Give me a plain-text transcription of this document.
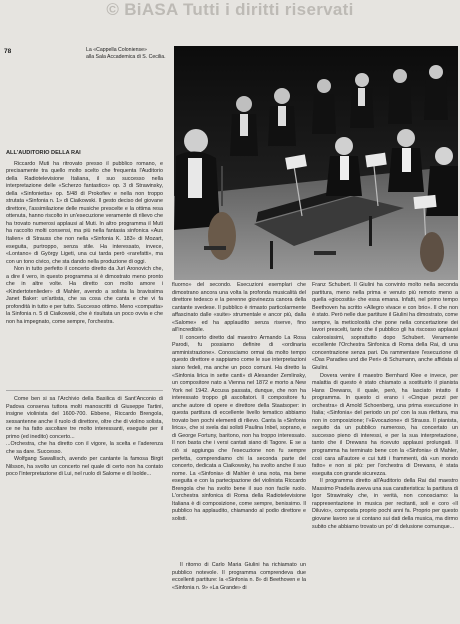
© BiASA Tutti i diritti riservati
78	La «Cappella Coloniense»
alla Sala Accademica di S. Cecilia.

ALL'AUDITORIO DELLA RAI

Riccardo Muti ha ritrovato presso il pubblico romano, e precisamente tra quello molto scelto che frequenta l'Auditorio della Radiotelevisione Italiana, il suo successo nella interpretazione delle «Scherzo fantastico» op. 3 di Strawinsky, della «Sinfonietta» op. 5/48 di Prokofiev e nella non troppo strutata «Sinfonia n. 1» di Ciaikowski. Il gesto deciso del giovane direttore, l'assimilazione delle musiche prescelte e la ottima resa ottenuta, hanno riscolto in un'esecuzione veramente di rilievo che ha trovato numerosi applausi al Muti. In altro programma il Muti ha raccolto molti consensi, ma più nella fantasia sinfonica «Aus Italien» di Strauss che non nella «Sinfonia K. 183» di Mozart, eseguita, purtroppo, senza stile. Ha interessato, invece, «Lontano» di György Ligeti, una cui tarda però «rarefatti», ma con un tono civico, che sta dando nella produzione di oggi.

Non in tutto perfetto il concerto diretto da Jurì Aronovich che, a dire il vero, in questo programma si è dimostrato meno pronto che in altre volte. Ha diretto con molto amore i «Kindertotenlieder» di Mahler, avendo a solista la bravissima Janet Baker: un'artista, che sa cosa che canta e che vi fa profondità in tutto e per tutto. Successo ottimo. Meno «compatta» la Sinfonia n. 5 di Ciaikowski, che è risultata un poco ovvia e che non ha impegnato, come sempre, l'orchestra.

Come ben si sa l'Archivio della Basilica di Sant'Anconio di Padova conserva tuttora molti manoscritti di Giuseppe Tartini, insigne violinista del 1600-700. Ebbene, Riccardo Brengola, sessantenne anche il ruolo di direttore, oltre che di violino solista, ce ne ha fatto ascoltare tre molto interessanti, eseguite per il primo (ed inedito) concerto...

...Orchestra, che ha diretto con il vigore, la scelta e l'aderenza che sa dare. Successo.

Wolfgang Sawallisch, avendo per cantante la famosa Birgit Nilsson, ha svolto un concerto nel quale di certo non ha contato poco l'interpretazione di Lui, nel ruolo di Salome e di Isolde...

fluorno» del secondo. Esecuzioni esemplari che dimostrano ancora una volta la profonda musicalità del direttore tedesco e la perenne giovinezza canora della cantante svedese. Il pubblico è rimasto particolarmente affascinato dalle «suite» strumentale e ancor più, dalla «Salome» ed ha applaudito senza riserve, fino all'incredibile.

Il concerto diretto dal maestro Armando La Rosa Parodi, fu possiamo definire di «ordinaria amministrazione». Conosciamo ormai da molto tempo questo direttore e sappiamo come le sue interpretazioni siano fedeli, ma anche un poco comuni. Ha diretto la «Sinfonia lirica in sette canti» di Alexander Zemlinsky, un compositore nato a Vienna nel 1872 e morto a New York nel 1942. Accusa passata, dunque, che non ha interessato troppo gli ascoltatori. Il compositore fu anche autore di opere e direttore della Staatsoper: in questa partitura di eccellente livello tematico abbiamo trovato ben pochi elementi di rilievo. Canta la «Sinfonia lirica», che si svela dai solisti Paulina Inbel, soprano, e di George Fortuny, baritono, non ha troppo interessato. Il non basta che i versi cantati siano di Tagore. E se a ciò si aggiunga che l'esecuzione non fu sempre perfetta, comprendiamo chi la seconda parte del concerto, dedicata a Ciaikowsky, ha svolto anche il suo nome. La «Sinfonia» di Mahler è una nota, ma bene eseguita e con la partecipazione del violinista Riccardo Brengola che ha svolto bene il suo non facile ruolo. L'orchestra sinfonica di Roma della Radiotelevisione Italiana è di composizione, come sempre, benissimo. Il pubblico ha applaudito, chiamando al podio direttore e solisti.

Il ritorno di Carlo Maria Giulini ha richiamato un pubblico notevole. Il programma comprendeva due eccellenti partiture: la «Sinfonia n. 8» di Beethoven e la «Sinfonia n. 9» «La Grande» di

Franz Schubert. Il Giulini ha convinto molto nella seconda partitura, meno nella prima e venuto più remoto meno a quella «giocosità» che essa emana. Infatti, nel primo tempo Beethoven ha scritto «Allegro vivace e con brio». Il che non è stato. Però nelle due partiture il Giulini ha dimostrato, come sempre, la meticolosità che pone nella concertazione dei lavori prescelti, tanto che il pubblico gli ha riscosso applausi calorosissimi, soprattutto dopo Schubert. Veramente eccellente l'Orchestra Sinfonica di Roma della Rai, di una concentrazione senza pari. Da rammentare l'esecuzione di «Das Paradies und die Peri» di Schumann, anche affidata al Giulini.

Dovera venire il maestro Bernhard Klee e invece, per malattia di questo è stato chiamato a sostituirlo il pianista Hans Drewans, il quale, però, ha lasciato intatto il programma. In questo ci erano i «Cinque pezzi per orchestra» di Arnold Schoenberg, una prima esecuzione in Italia; «Sinfonia» del periodo un po' con la sua rilettura, ma non in composizione; l'«Evocazione» di Strauss. Il pianista, seguito da un pubblico numeroso, ha concertato un successo pieno di interessi, e per la sua interpretazione, tanto che il Drewans ha ricevuto applausi prolungati. Il programma ha terminato bene con la «Sinfonia» di Mahler, così cara all'autore e cui tutti i frammenti, dà «un mondo fatto» e non si più: per l'orchestra di Drewans, è stata eseguita con grande sicurezza.

Il programma diretto all'Auditorio della Rai dal maestro Massimo Pradella aveva una sua caratteristica: la partitura di Igor Strawinsky che, in verità, non conosciamo: la rappresentazione in musica per recitanti, soli e coro «Il Diluvio», composta proprio pochi anni fa. Proprio per questo giovane lavoro se si contano sui dati della musica, ma dirmo subito che abbiamo trovato un po' di delusione comunque...
